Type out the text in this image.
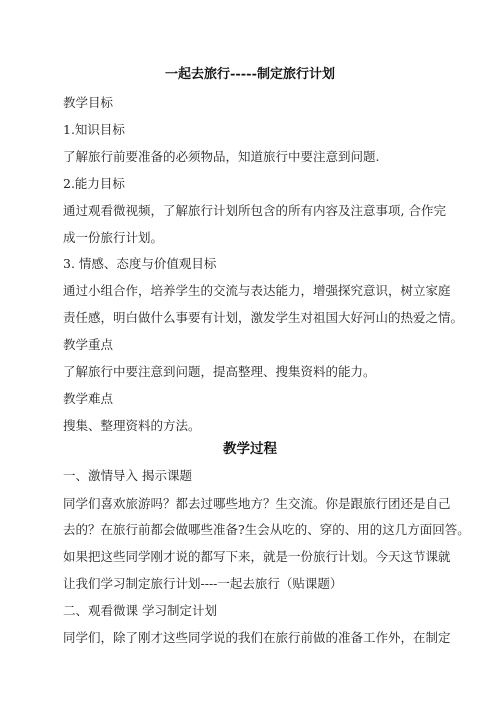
一起去旅行-----制定旅行计划
教学目标
1.知识目标
了解旅行前要准备的必须物品，知道旅行中要注意到问题.
2.能力目标
通过观看微视频，了解旅行计划所包含的所有内容及注意事项, 合作完
成一份旅行计划。
3. 情感、态度与价值观目标
通过小组合作，培养学生的交流与表达能力，增强探究意识，树立家庭
责任感，明白做什么事要有计划，激发学生对祖国大好河山的热爱之情。
教学重点
了解旅行中要注意到问题，提高整理、搜集资料的能力。
教学难点
搜集、整理资料的方法。
教学过程
一、激情导入 揭示课题
同学们喜欢旅游吗？都去过哪些地方？生交流。你是跟旅行团还是自己
去的？在旅行前都会做哪些准备?生会从吃的、穿的、用的这几方面回答。
如果把这些同学刚才说的都写下来，就是一份旅行计划。今天这节课就
让我们学习制定旅行计划----一起去旅行（贴课题）
二、观看微课 学习制定计划
同学们，除了刚才这些同学说的我们在旅行前做的准备工作外，在制定
